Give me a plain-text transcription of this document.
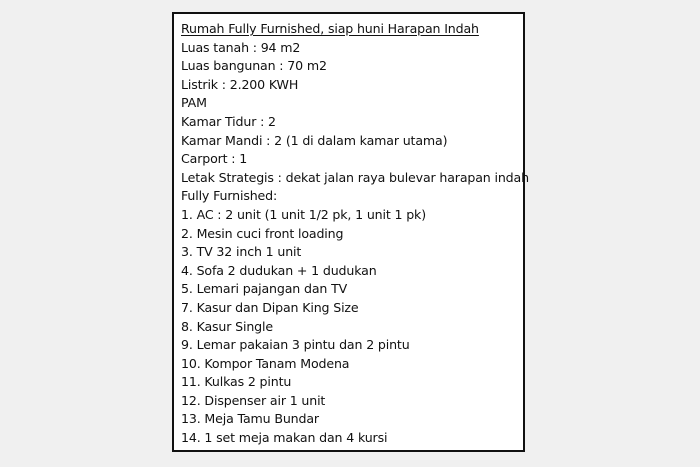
Rumah Fully Furnished, siap huni Harapan Indah
Luas tanah : 94 m2
Luas bangunan : 70 m2
Listrik : 2.200 KWH
PAM
Kamar Tidur : 2
Kamar Mandi : 2 (1 di dalam kamar utama)
Carport : 1
Letak Strategis : dekat jalan raya bulevar harapan indah
Fully Furnished:
1. AC : 2 unit (1 unit 1/2 pk, 1 unit 1 pk)
2. Mesin cuci front loading
3. TV 32 inch 1 unit
4. Sofa 2 dudukan + 1 dudukan
5. Lemari pajangan dan TV
7. Kasur dan Dipan King Size
8. Kasur Single
9. Lemar pakaian 3 pintu dan 2 pintu
10. Kompor Tanam Modena
11. Kulkas 2 pintu
12. Dispenser air 1 unit
13. Meja Tamu Bundar
14. 1 set meja makan dan 4 kursi
